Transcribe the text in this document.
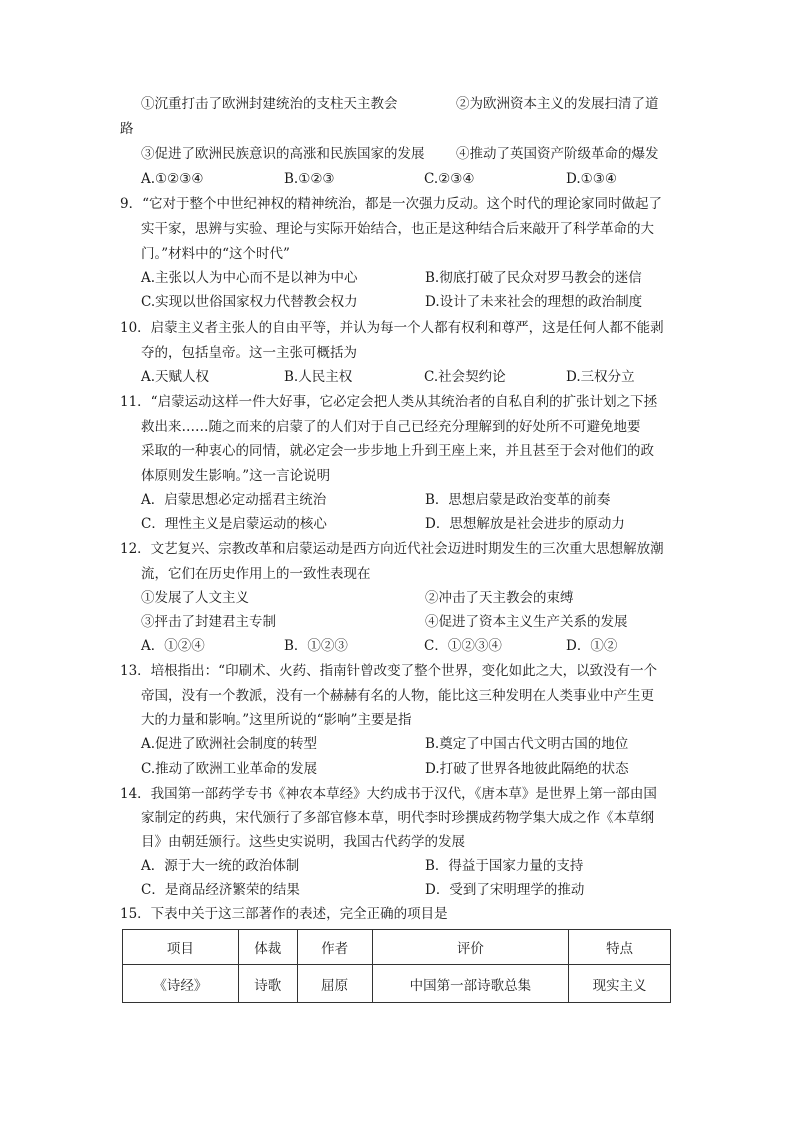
①沉重打击了欧洲封建统治的支柱天主教会	②为欧洲资本主义的发展扫清了道
路
③促进了欧洲民族意识的高涨和民族国家的发展 ④推动了英国资产阶级革命的爆发
A.①②③④	B.①②③	C.②③④	D.①③④
9．“它对于整个中世纪神权的精神统治，都是一次强力反动。这个时代的理论家同时做起了
实干家，思辨与实验、理论与实际开始结合，也正是这种结合后来敲开了科学革命的大
门。”材料中的“这个时代”
A.主张以人为中心而不是以神为中心	B.彻底打破了民众对罗马教会的迷信
C.实现以世俗国家权力代替教会权力	D.设计了未来社会的理想的政治制度
10．启蒙主义者主张人的自由平等，并认为每一个人都有权利和尊严，这是任何人都不能剥
夺的，包括皇帝。这一主张可概括为
A.天赋人权	B.人民主权	C.社会契约论	D.三权分立
11．“启蒙运动这样一件大好事，它必定会把人类从其统治者的自私自利的扩张计划之下拯
救出来……随之而来的启蒙了的人们对于自己已经充分理解到的好处所不可避免地要
采取的一种衷心的同情，就必定会一步步地上升到王座上来，并且甚至于会对他们的政
体原则发生影响。”这一言论说明
A．启蒙思想必定动摇君主统治	B．思想启蒙是政治变革的前奏
C．理性主义是启蒙运动的核心	D．思想解放是社会进步的原动力
12．文艺复兴、宗教改革和启蒙运动是西方向近代社会迈进时期发生的三次重大思想解放潮
流，它们在历史作用上的一致性表现在
①发展了人文主义	②冲击了天主教会的束缚
③抨击了封建君主专制	④促进了资本主义生产关系的发展
A．①②④	B．①②③	C．①②③④	D．①②
13．培根指出：“印刷术、火药、指南针曾改变了整个世界，变化如此之大，以致没有一个
帝国，没有一个教派，没有一个赫赫有名的人物，能比这三种发明在人类事业中产生更
大的力量和影响。”这里所说的“影响”主要是指
A.促进了欧洲社会制度的转型	B.奠定了中国古代文明古国的地位
C.推动了欧洲工业革命的发展	D.打破了世界各地彼此隔绝的状态
14．我国第一部药学专书《神农本草经》大约成书于汉代，《唐本草》是世界上第一部由国
家制定的药典，宋代颁行了多部官修本草，明代李时珍撰成药物学集大成之作《本草纲
目》由朝廷颁行。这些史实说明，我国古代药学的发展
A．源于大一统的政治体制	B．得益于国家力量的支持
C．是商品经济繁荣的结果	D．受到了宋明理学的推动
15．下表中关于这三部著作的表述，完全正确的项目是
项目	体裁	作者	评价	特点
《诗经》	诗歌	屈原	中国第一部诗歌总集	现实主义
